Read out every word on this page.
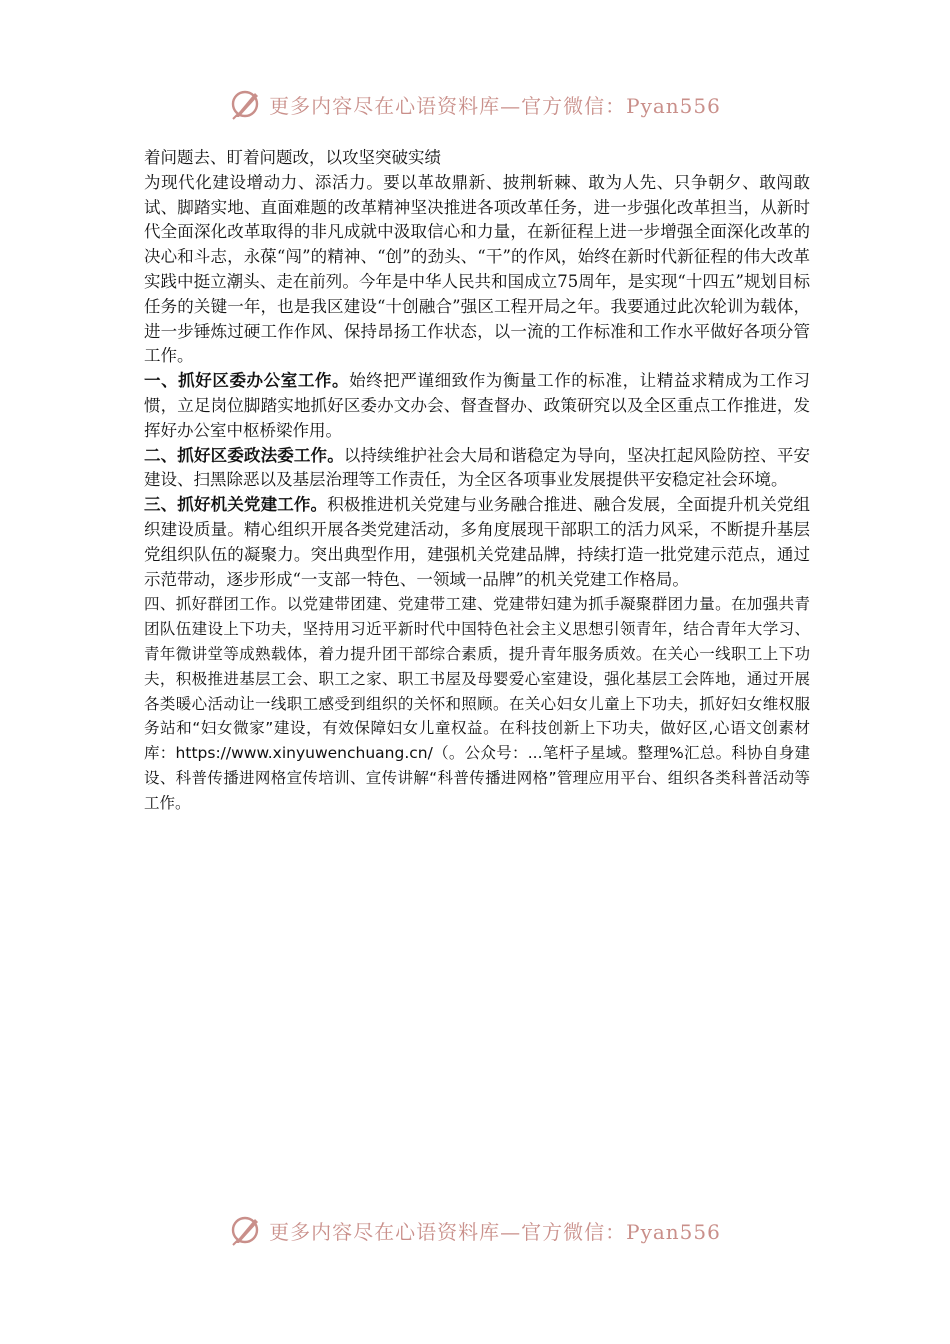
更多内容尽在心语资料库—官方微信：Pyan556

着问题去、盯着问题改，以攻坚突破实绩

为现代化建设增动力、添活力。要以革故鼎新、披荆斩棘、敢为人先、只争朝夕、敢闯敢试、脚踏实地、直面难题的改革精神坚决推进各项改革任务，进一步强化改革担当，从新时代全面深化改革取得的非凡成就中汲取信心和力量，在新征程上进一步增强全面深化改革的决心和斗志，永葆“闯”的精神、“创”的劲头、“干”的作风，始终在新时代新征程的伟大改革实践中挺立潮头、走在前列。今年是中华人民共和国成立75周年，是实现“十四五”规划目标任务的关键一年，也是我区建设“十创融合”强区工程开局之年。我要通过此次轮训为载体，进一步锤炼过硬工作作风、保持昂扬工作状态，以一流的工作标准和工作水平做好各项分管工作。

一、抓好区委办公室工作。始终把严谨细致作为衡量工作的标准，让精益求精成为工作习惯，立足岗位脚踏实地抓好区委办文办会、督查督办、政策研究以及全区重点工作推进，发挥好办公室中枢桥梁作用。

二、抓好区委政法委工作。以持续维护社会大局和谐稳定为导向，坚决扛起风险防控、平安建设、扫黑除恶以及基层治理等工作责任，为全区各项事业发展提供平安稳定社会环境。

三、抓好机关党建工作。积极推进机关党建与业务融合推进、融合发展，全面提升机关党组织建设质量。精心组织开展各类党建活动，多角度展现干部职工的活力风采，不断提升基层党组织队伍的凝聚力。突出典型作用，建强机关党建品牌，持续打造一批党建示范点，通过示范带动，逐步形成“一支部一特色、一领域一品牌”的机关党建工作格局。

四、抓好群团工作。以党建带团建、党建带工建、党建带妇建为抓手凝聚群团力量。在加强共青团队伍建设上下功夫，坚持用习近平新时代中国特色社会主义思想引领青年，结合青年大学习、青年微讲堂等成熟载体，着力提升团干部综合素质，提升青年服务质效。在关心一线职工上下功夫，积极推进基层工会、职工之家、职工书屋及母婴爱心室建设，强化基层工会阵地，通过开展各类暖心活动让一线职工感受到组织的关怀和照顾。在关心妇女儿童上下功夫，抓好妇女维权服务站和“妇女微家”建设，有效保障妇女儿童权益。在科技创新上下功夫，做好区,心语文创素材库：https://www.xinyuwenchuang.cn/（。公众号：...笔杆子星域。整理%汇总。科协自身建设、科普传播进网格宣传培训、宣传讲解“科普传播进网格”管理应用平台、组织各类科普活动等工作。

更多内容尽在心语资料库—官方微信：Pyan556
